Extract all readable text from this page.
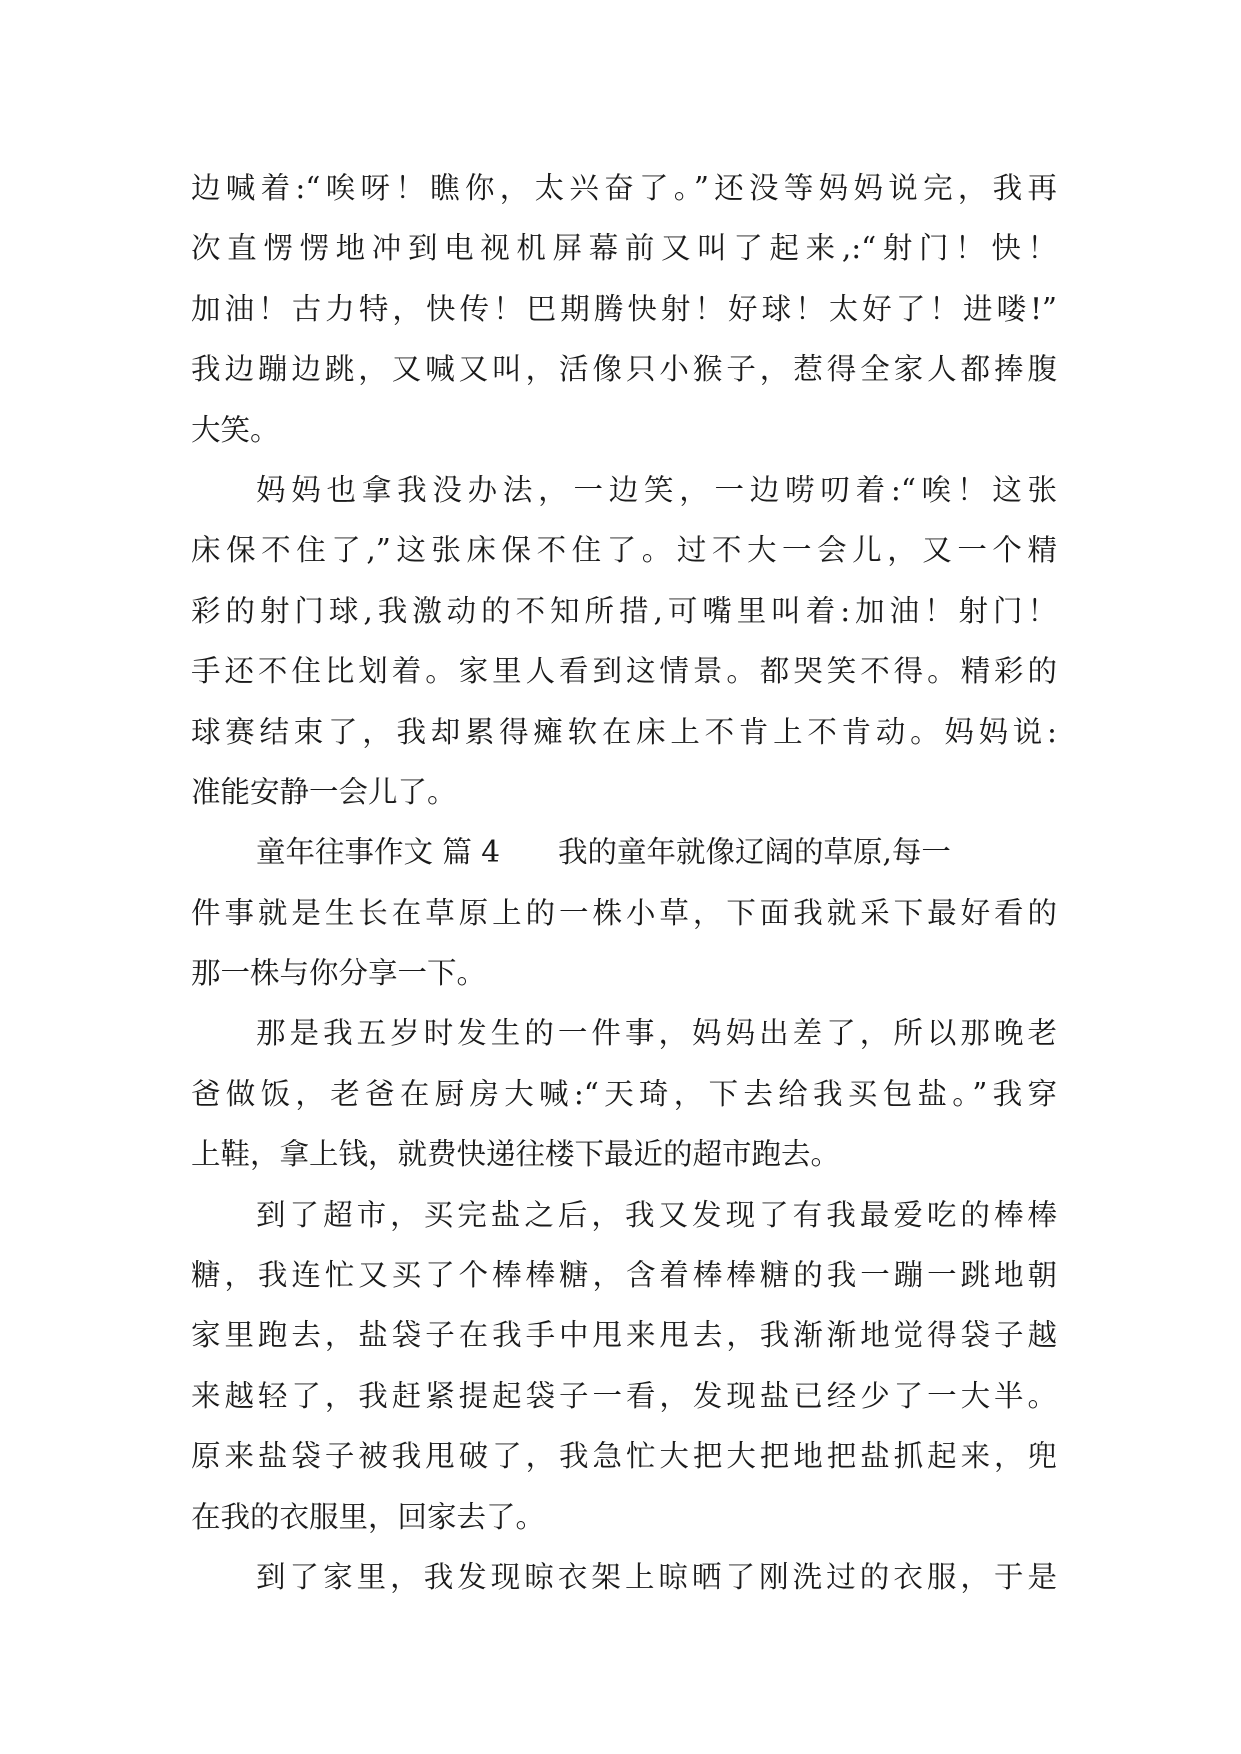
边喊着:“唉呀！瞧你，太兴奋了。”还没等妈妈说完，我再
次直愣愣地冲到电视机屏幕前又叫了起来,:“射门！快！
加油！古力特，快传！巴期腾快射！好球！太好了！进喽!”
我边蹦边跳，又喊又叫，活像只小猴子，惹得全家人都捧腹
大笑。
妈妈也拿我没办法，一边笑，一边唠叨着:“唉！这张
床保不住了,”这张床保不住了。过不大一会儿，又一个精
彩的射门球,我激动的不知所措,可嘴里叫着:加油！射门！
手还不住比划着。家里人看到这情景。都哭笑不得。精彩的
球赛结束了，我却累得瘫软在床上不肯上不肯动。妈妈说:
准能安静一会儿了。
童年往事作文 篇 4 我的童年就像辽阔的草原,每一
件事就是生长在草原上的一株小草，下面我就采下最好看的
那一株与你分享一下。
那是我五岁时发生的一件事，妈妈出差了，所以那晚老
爸做饭，老爸在厨房大喊:“天琦，下去给我买包盐。”我穿
上鞋，拿上钱，就费快递往楼下最近的超市跑去。
到了超市，买完盐之后，我又发现了有我最爱吃的棒棒
糖，我连忙又买了个棒棒糖，含着棒棒糖的我一蹦一跳地朝
家里跑去，盐袋子在我手中甩来甩去，我渐渐地觉得袋子越
来越轻了，我赶紧提起袋子一看，发现盐已经少了一大半。
原来盐袋子被我甩破了，我急忙大把大把地把盐抓起来，兜
在我的衣服里，回家去了。
到了家里，我发现晾衣架上晾晒了刚洗过的衣服，于是
